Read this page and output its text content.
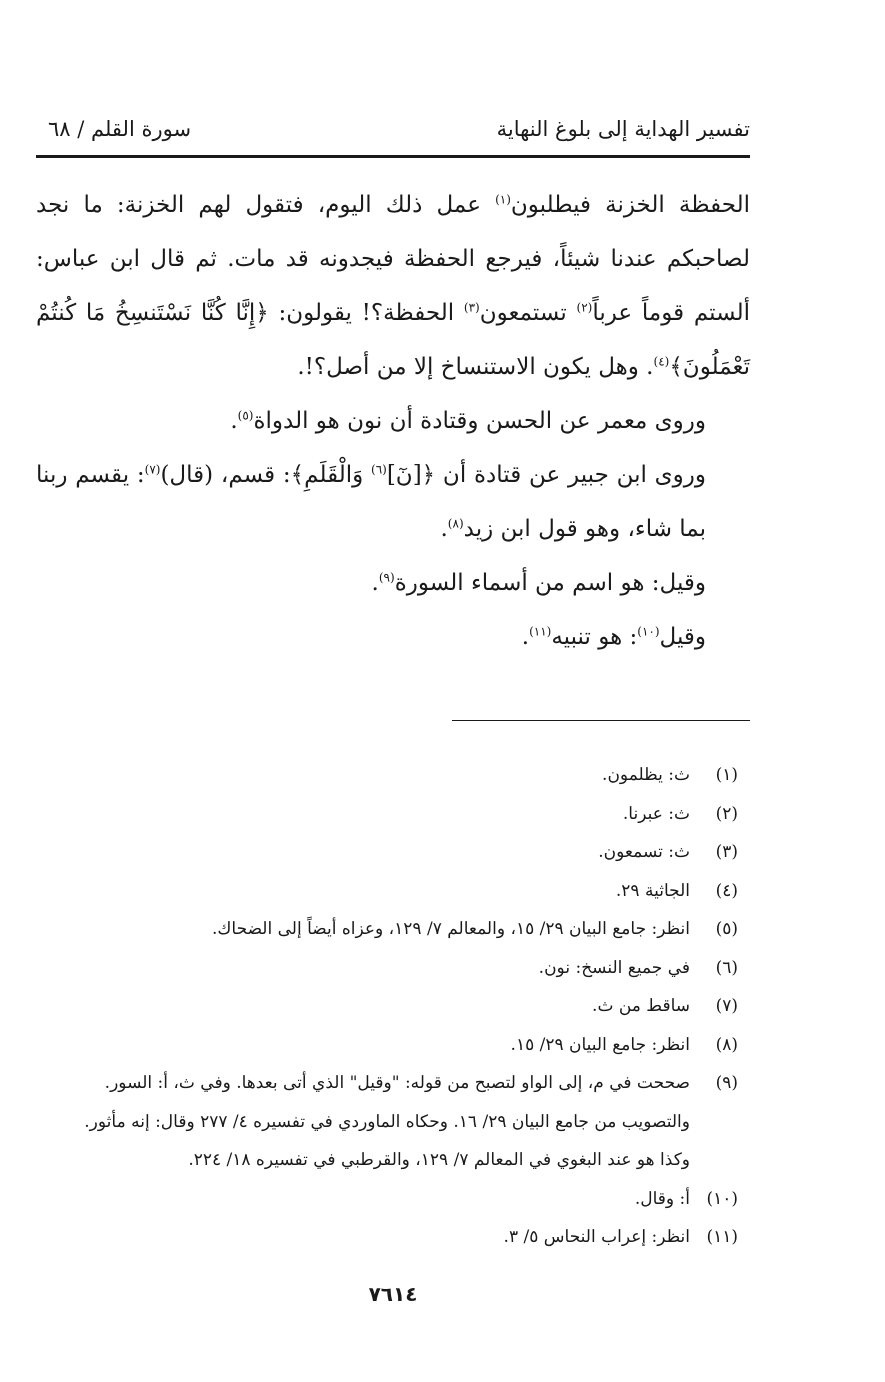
تفسير الهداية إلى بلوغ النهاية
سورة القلم / ٦٨

الحفظة الخزنة فيطلبون$^{(١)}$ عمل ذلك اليوم، فتقول لهم الخزنة: ما نجد لصاحبكم عندنا شيئاً، فيرجع الحفظة فيجدونه قد مات. ثم قال ابن عباس: ألستم قوماً عرباً$^{(٢)}$ تستمعون$^{(٣)}$ الحفظة؟! يقولون: ﴿إِنَّا كُنَّا نَسْتَنسِخُ مَا كُنتُمْ تَعْمَلُونَ﴾$^{(٤)}$. وهل يكون الاستنساخ إلا من أصل؟!.

وروى معمر عن الحسن وقتادة أن نون هو الدواة$^{(٥)}$.

وروى ابن جبير عن قتادة أن ﴿[نٓ]$^{(٦)}$ وَالْقَلَمِ﴾: قسم، (قال)$^{(٧)}$: يقسم ربنا بما شاء، وهو قول ابن زيد$^{(٨)}$.

وقيل: هو اسم من أسماء السورة$^{(٩)}$.

وقيل$^{(١٠)}$: هو تنبيه$^{(١١)}$.

(١)
ث: يظلمون.
(٢)
ث: عبرنا.
(٣)
ث: تسمعون.
(٤)
الجاثية ٢٩.
(٥)
انظر: جامع البيان ٢٩/ ١٥، والمعالم ٧/ ١٢٩، وعزاه أيضاً إلى الضحاك.
(٦)
في جميع النسخ: نون.
(٧)
ساقط من ث.
(٨)
انظر: جامع البيان ٢٩/ ١٥.
(٩)
صححت في م، إلى الواو لتصبح من قوله: "وقيل" الذي أتى بعدها. وفي ث، أ: السور.
والتصويب من جامع البيان ٢٩/ ١٦. وحكاه الماوردي في تفسيره ٤/ ٢٧٧ وقال: إنه مأثور.
وكذا هو عند البغوي في المعالم ٧/ ١٢٩، والقرطبي في تفسيره ١٨/ ٢٢٤.
(١٠)
أ: وقال.
(١١)
انظر: إعراب النحاس ٥/ ٣.
٧٦١٤
